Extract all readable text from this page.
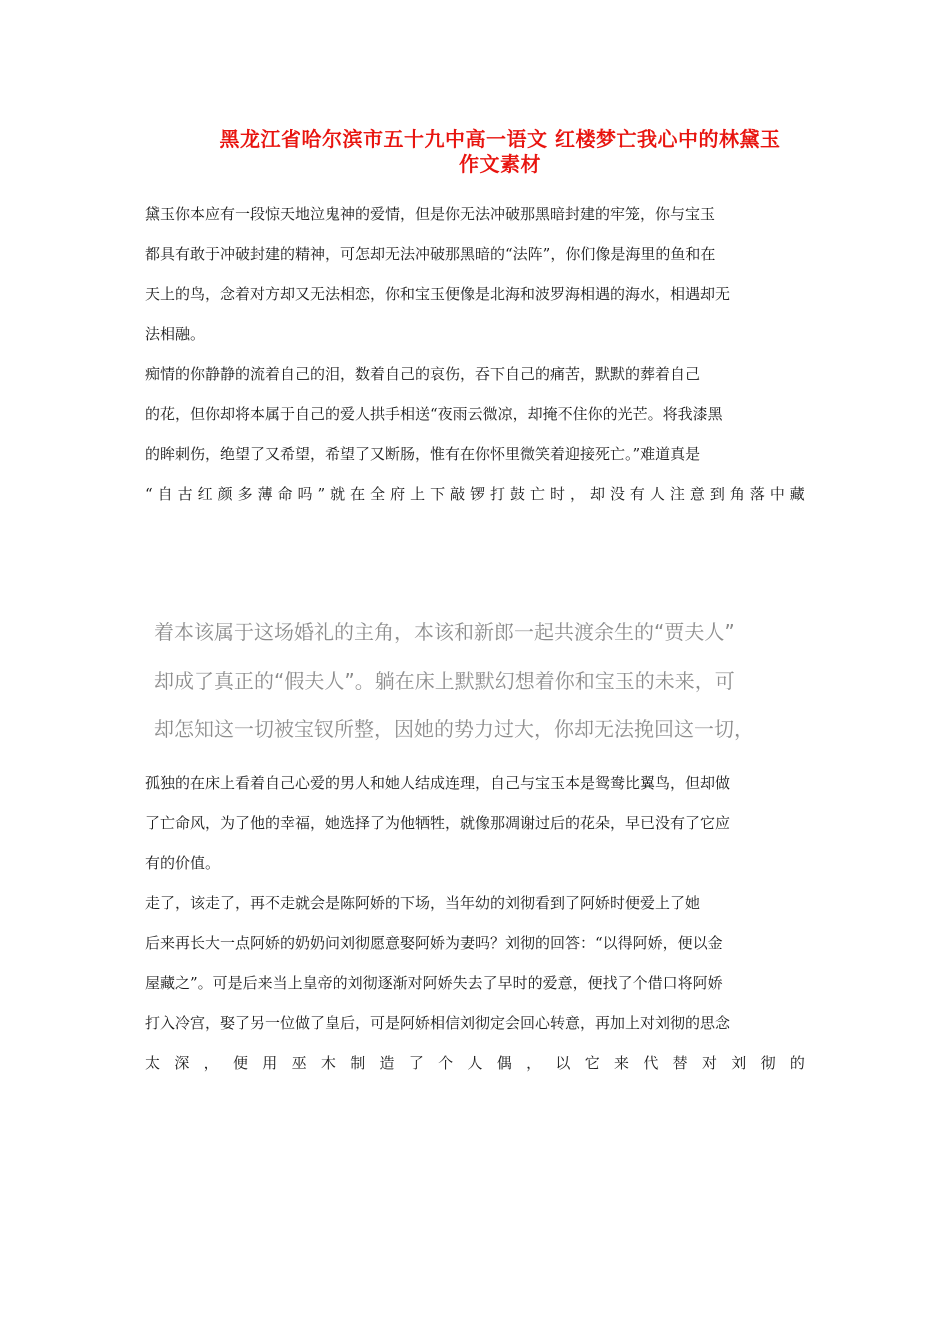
黑龙江省哈尔滨市五十九中高一语文 红楼梦亡我心中的林黛玉
作文素材
黛玉你本应有一段惊天地泣鬼神的爱情，但是你无法冲破那黑暗封建的牢笼，你与宝玉
都具有敢于冲破封建的精神，可怎却无法冲破那黑暗的“法阵”，你们像是海里的鱼和在
天上的鸟，念着对方却又无法相恋，你和宝玉便像是北海和波罗海相遇的海水，相遇却无
法相融。
痴情的你静静的流着自己的泪，数着自己的哀伤，吞下自己的痛苦，默默的葬着自己
的花，但你却将本属于自己的爱人拱手相送“夜雨云微凉，却掩不住你的光芒。将我漆黑
的眸刺伤，绝望了又希望，希望了又断肠，惟有在你怀里微笑着迎接死亡。”难道真是
“ 自 古 红 颜 多 薄 命 吗 ” 就 在 全 府 上 下 敲 锣 打 鼓 亡 时 ， 却 没 有 人 注 意 到 角 落 中 藏
着本该属于这场婚礼的主角，本该和新郎一起共渡余生的“贾夫人”
却成了真正的“假夫人”。躺在床上默默幻想着你和宝玉的未来，可
却怎知这一切被宝钗所整，因她的势力过大，你却无法挽回这一切，
孤独的在床上看着自己心爱的男人和她人结成连理，自己与宝玉本是鸳鸯比翼鸟，但却做
了亡命风，为了他的幸福，她选择了为他牺牲，就像那凋谢过后的花朵，早已没有了它应
有的价值。
走了，该走了，再不走就会是陈阿娇的下场，当年幼的刘彻看到了阿娇时便爱上了她
后来再长大一点阿娇的奶奶问刘彻愿意娶阿娇为妻吗？刘彻的回答：“以得阿娇，便以金
屋藏之”。可是后来当上皇帝的刘彻逐渐对阿娇失去了早时的爱意，便找了个借口将阿娇
打入冷宫，娶了另一位做了皇后，可是阿娇相信刘彻定会回心转意，再加上对刘彻的思念
太 深 ， 便 用 巫 木 制 造 了 个 人 偶 ， 以 它 来 代 替 对 刘 彻 的
